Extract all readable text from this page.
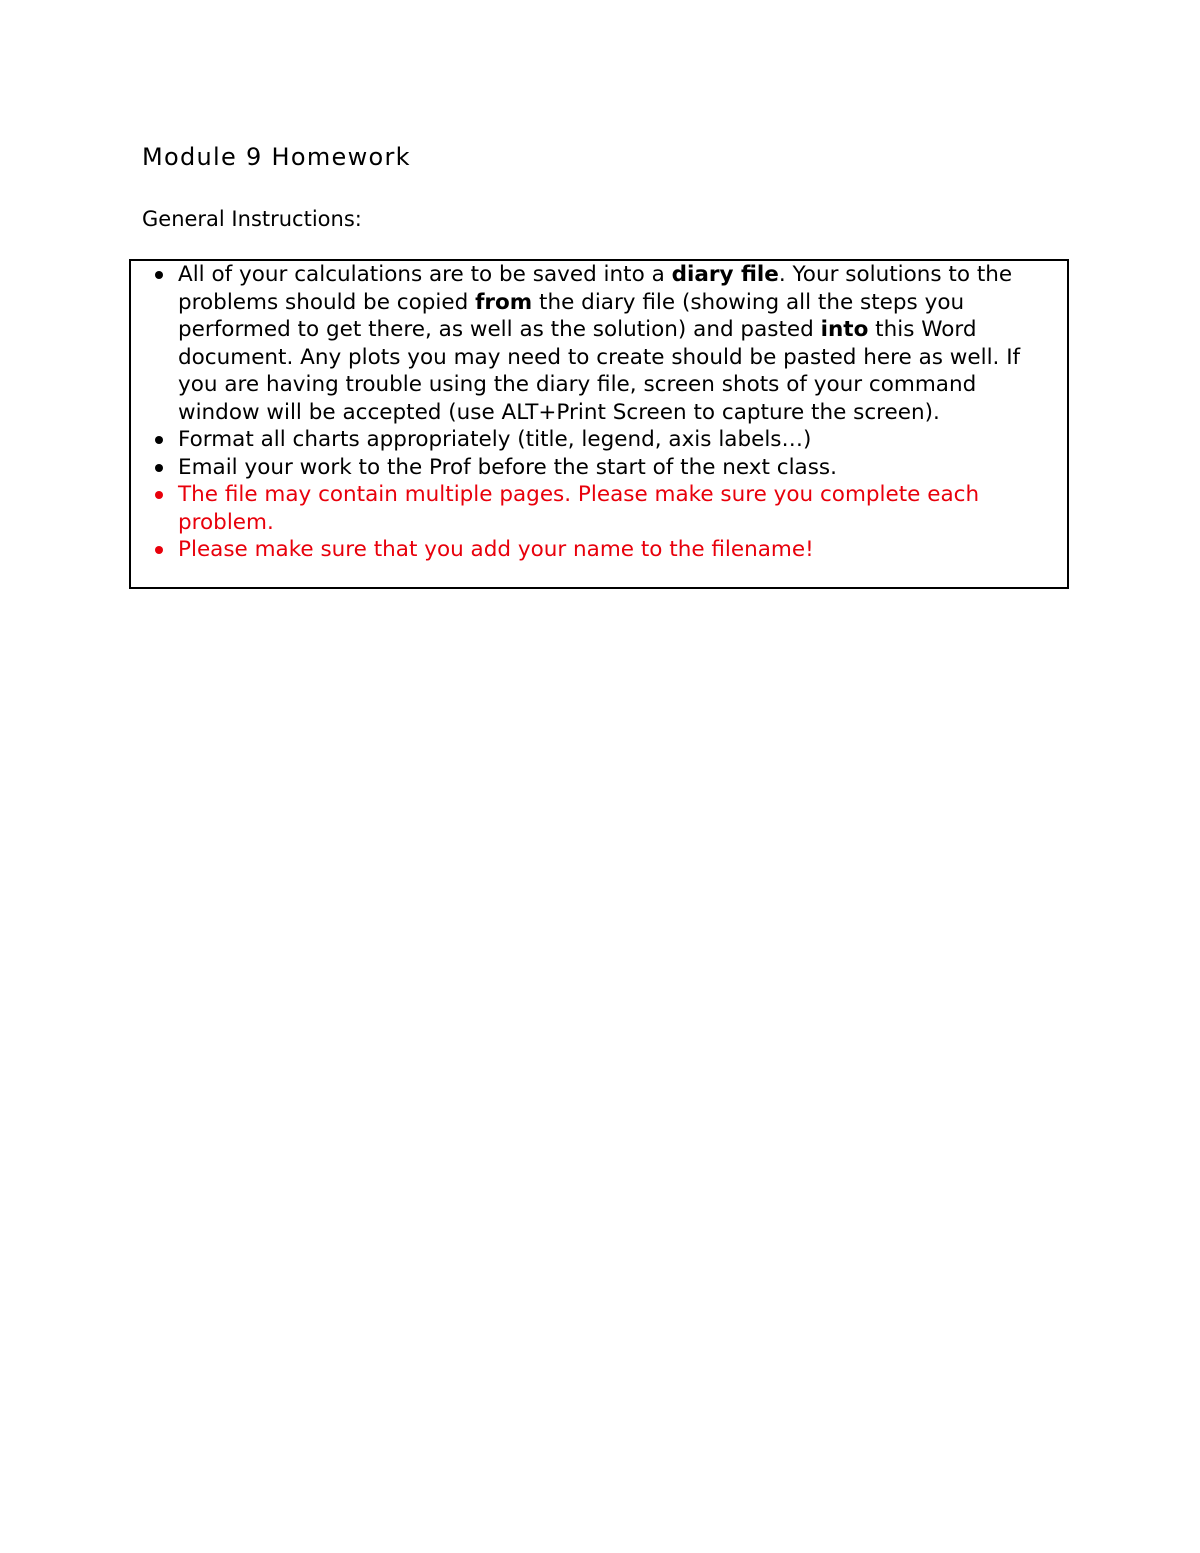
Module 9 Homework
General Instructions:
All of your calculations are to be saved into a diary file. Your solutions to the problems should be copied from the diary file (showing all the steps you performed to get there, as well as the solution) and pasted into this Word document. Any plots you may need to create should be pasted here as well. If you are having trouble using the diary file, screen shots of your command window will be accepted (use ALT+Print Screen to capture the screen).
Format all charts appropriately (title, legend, axis labels…)
Email your work to the Prof before the start of the next class.
The file may contain multiple pages. Please make sure you complete each problem.
Please make sure that you add your name to the filename!
